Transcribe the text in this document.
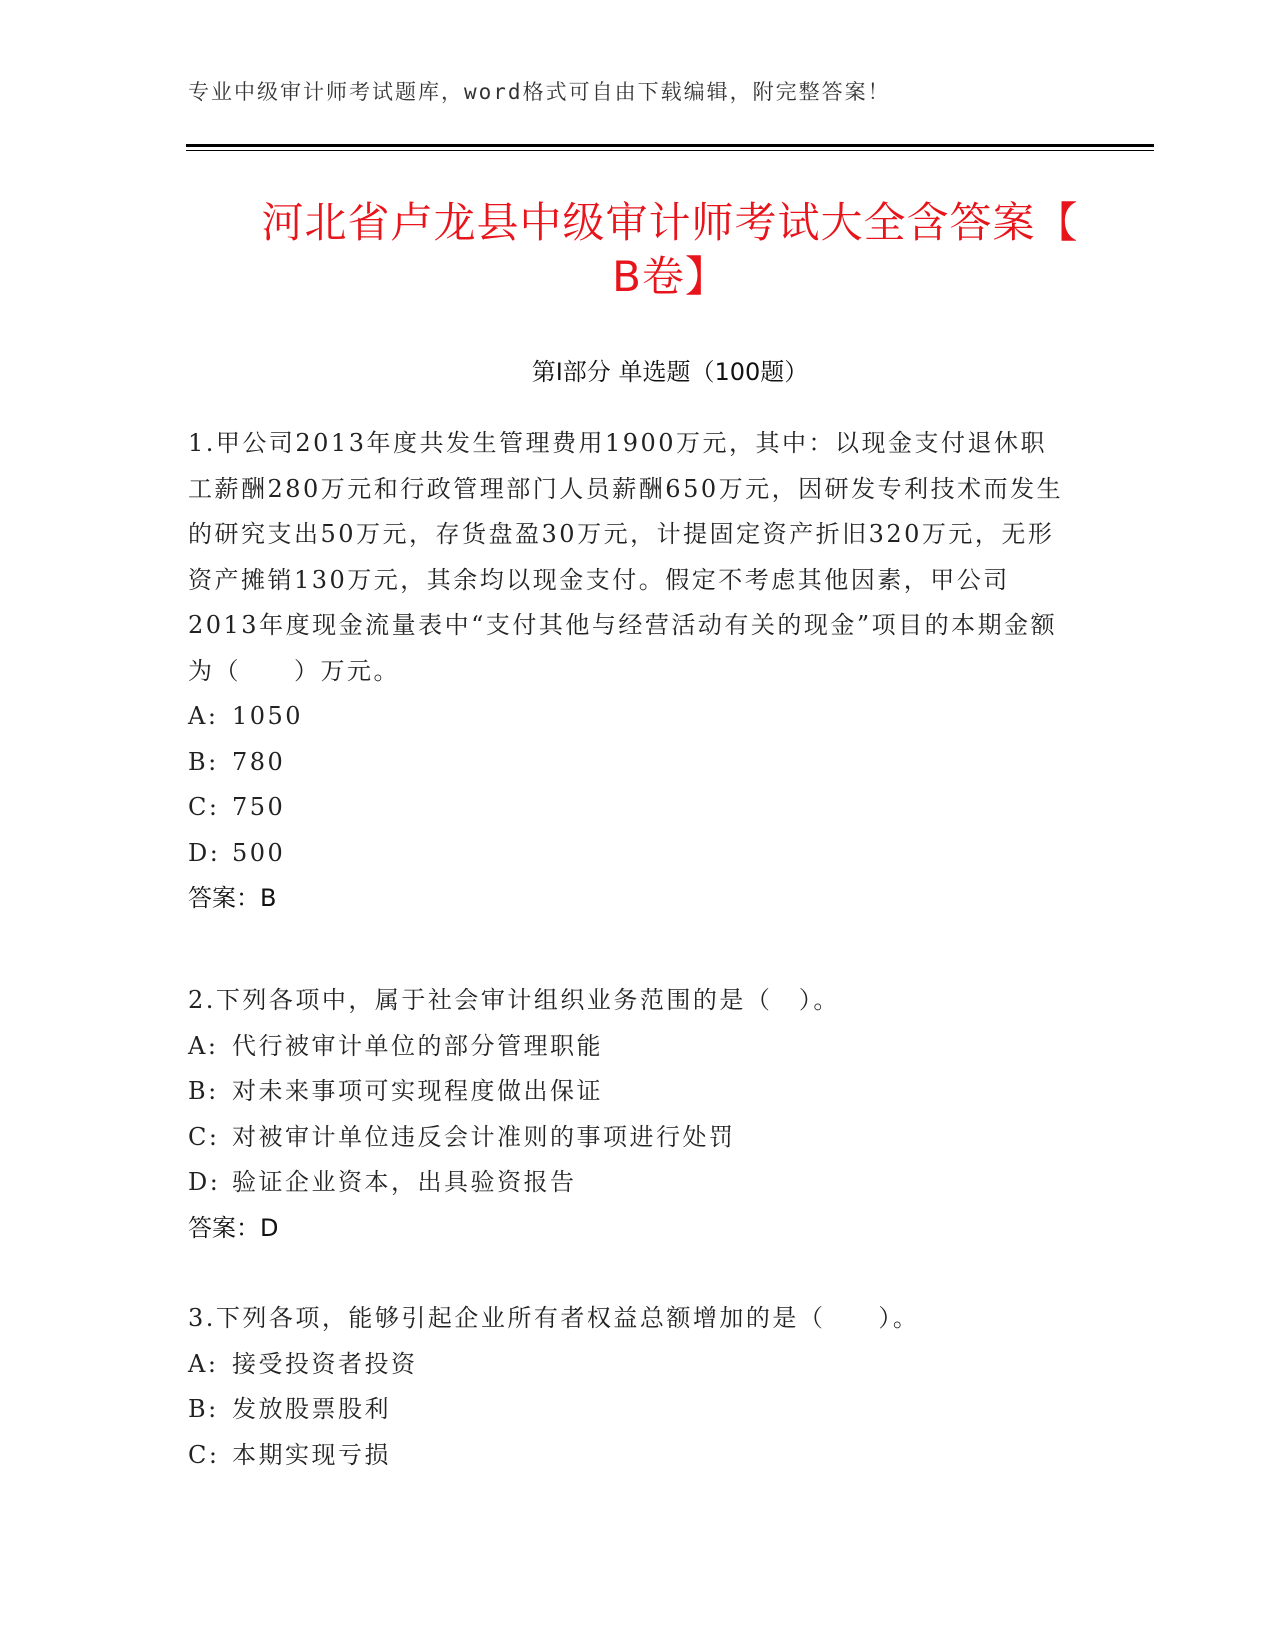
专业中级审计师考试题库，word格式可自由下载编辑，附完整答案！
河北省卢龙县中级审计师考试大全含答案【
B卷】
第Ⅰ部分 单选题（100题）

1.甲公司2013年度共发生管理费用1900万元，其中：以现金支付退休职工薪酬280万元和行政管理部门人员薪酬650万元，因研发专利技术而发生的研究支出50万元，存货盘盈30万元，计提固定资产折旧320万元，无形资产摊销130万元，其余均以现金支付。假定不考虑其他因素，甲公司2013年度现金流量表中“支付其他与经营活动有关的现金”项目的本期金额为（　　）万元。

A: 1050

B: 780

C: 750

D: 500

答案：B

2.下列各项中，属于社会审计组织业务范围的是（　）。

A: 代行被审计单位的部分管理职能

B: 对未来事项可实现程度做出保证

C: 对被审计单位违反会计准则的事项进行处罚

D: 验证企业资本，出具验资报告

答案：D

3.下列各项，能够引起企业所有者权益总额增加的是（　　）。

A: 接受投资者投资

B: 发放股票股利

C: 本期实现亏损
